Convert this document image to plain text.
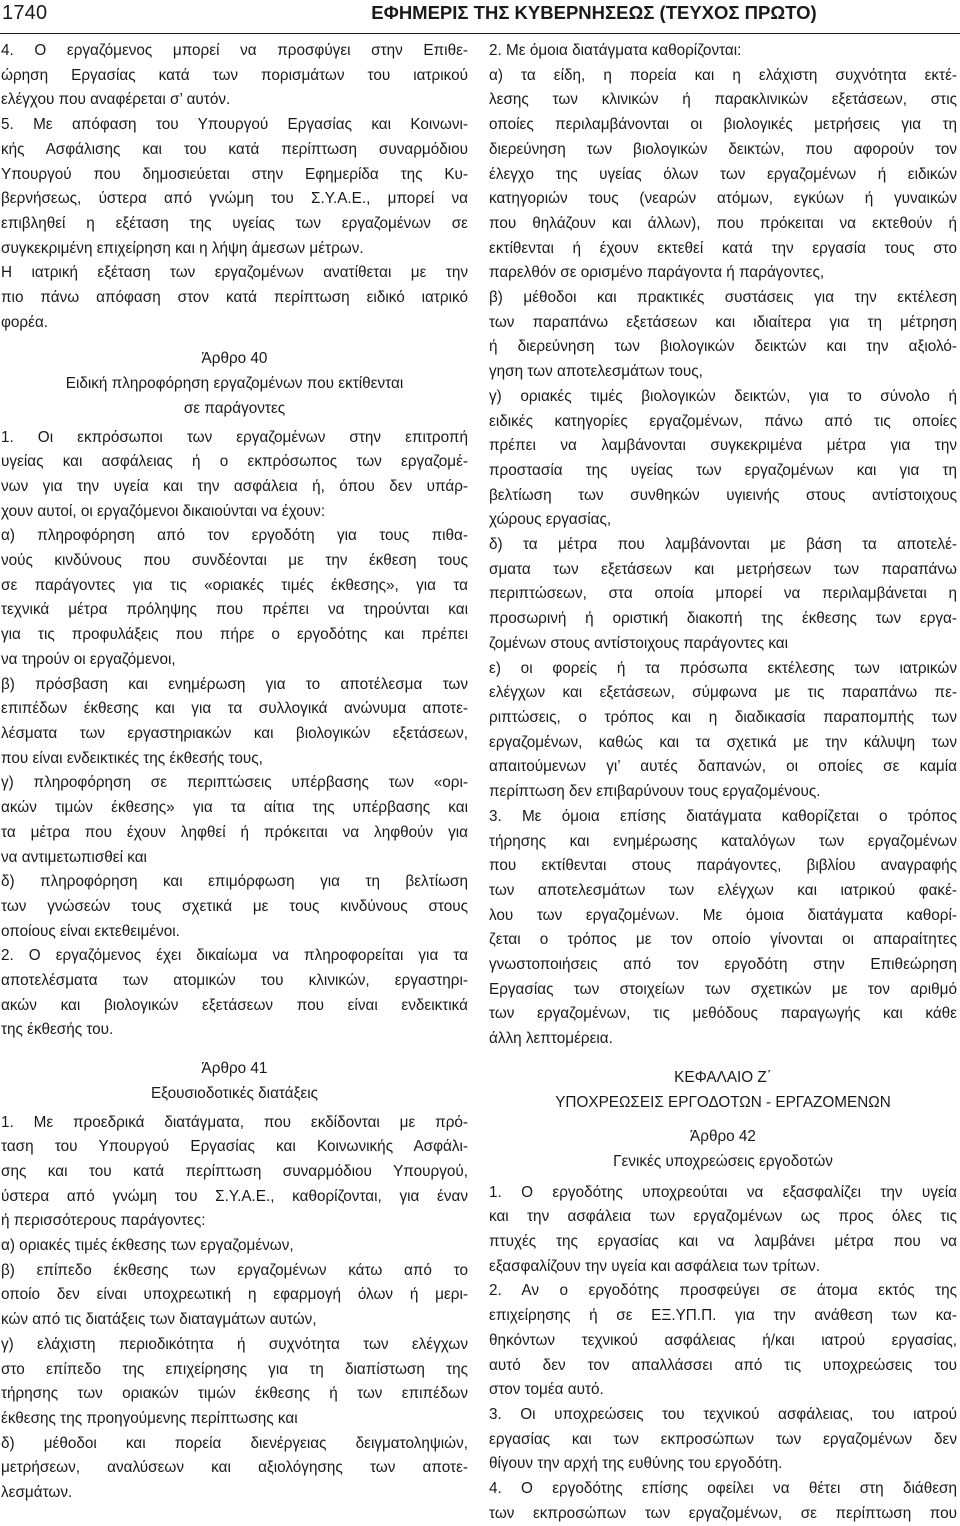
1740	ΕΦΗΜΕΡΙΣ ΤΗΣ ΚΥΒΕΡΝΗΣΕΩΣ (ΤΕΥΧΟΣ ΠΡΩΤΟ)

4. Ο εργαζόμενος μπορεί να προσφύγει στην Επιθε-
ώρηση Εργασίας κατά των πορισμάτων του ιατρικού
ελέγχου που αναφέρεται σ’ αυτόν.

5. Με απόφαση του Υπουργού Εργασίας και Κοινωνι-
κής Ασφάλισης και του κατά περίπτωση συναρμόδιου
Υπουργού που δημοσιεύεται στην Εφημερίδα της Κυ-
βερνήσεως, ύστερα από γνώμη του Σ.Υ.Α.Ε., μπορεί να
επιβληθεί η εξέταση της υγείας των εργαζομένων σε
συγκεκριμένη επιχείρηση και η λήψη άμεσων μέτρων.

Η ιατρική εξέταση των εργαζομένων ανατίθεται με την
πιο πάνω απόφαση στον κατά περίπτωση ειδικό ιατρικό
φορέα.

Άρθρο 40
Ειδική πληροφόρηση εργαζομένων που εκτίθενται
σε παράγοντες

1. Οι εκπρόσωποι των εργαζομένων στην επιτροπή
υγείας και ασφάλειας ή ο εκπρόσωπος των εργαζομέ-
νων για την υγεία και την ασφάλεια ή, όπου δεν υπάρ-
χουν αυτοί, οι εργαζόμενοι δικαιούνται να έχουν:

α) πληροφόρηση από τον εργοδότη για τους πιθα-
νούς κινδύνους που συνδέονται με την έκθεση τους
σε παράγοντες για τις «οριακές τιμές έκθεσης», για τα
τεχνικά μέτρα πρόληψης που πρέπει να τηρούνται και
για τις προφυλάξεις που πήρε ο εργοδότης και πρέπει
να τηρούν οι εργαζόμενοι,

β) πρόσβαση και ενημέρωση για το αποτέλεσμα των
επιπέδων έκθεσης και για τα συλλογικά ανώνυμα αποτε-
λέσματα των εργαστηριακών και βιολογικών εξετάσεων,
που είναι ενδεικτικές της έκθεσής τους,

γ) πληροφόρηση σε περιπτώσεις υπέρβασης των «ορι-
ακών τιμών έκθεσης» για τα αίτια της υπέρβασης και
τα μέτρα που έχουν ληφθεί ή πρόκειται να ληφθούν για
να αντιμετωπισθεί και

δ) πληροφόρηση και επιμόρφωση για τη βελτίωση
των γνώσεών τους σχετικά με τους κινδύνους στους
οποίους είναι εκτεθειμένοι.

2. Ο εργαζόμενος έχει δικαίωμα να πληροφορείται για τα
αποτελέσματα των ατομικών του κλινικών, εργαστηρι-
ακών και βιολογικών εξετάσεων που είναι ενδεικτικά
της έκθεσής του.

Άρθρο 41
Εξουσιοδοτικές διατάξεις

1. Με προεδρικά διατάγματα, που εκδίδονται με πρό-
ταση του Υπουργού Εργασίας και Κοινωνικής Ασφάλι-
σης και του κατά περίπτωση συναρμόδιου Υπουργού,
ύστερα από γνώμη του Σ.Υ.Α.Ε., καθορίζονται, για έναν
ή περισσότερους παράγοντες:

α) οριακές τιμές έκθεσης των εργαζομένων,

β) επίπεδο έκθεσης των εργαζομένων κάτω από το
οποίο δεν είναι υποχρεωτική η εφαρμογή όλων ή μερι-
κών από τις διατάξεις των διαταγμάτων αυτών,

γ) ελάχιστη περιοδικότητα ή συχνότητα των ελέγχων
στο επίπεδο της επιχείρησης για τη διαπίστωση της
τήρησης των οριακών τιμών έκθεσης ή των επιπέδων
έκθεσης της προηγούμενης περίπτωσης και

δ) μέθοδοι και πορεία διενέργειας δειγματοληψιών,
μετρήσεων, αναλύσεων και αξιολόγησης των αποτε-
λεσμάτων.

2. Με όμοια διατάγματα καθορίζονται:

α) τα είδη, η πορεία και η ελάχιστη συχνότητα εκτέ-
λεσης των κλινικών ή παρακλινικών εξετάσεων, στις
οποίες περιλαμβάνονται οι βιολογικές μετρήσεις για τη
διερεύνηση των βιολογικών δεικτών, που αφορούν τον
έλεγχο της υγείας όλων των εργαζομένων ή ειδικών
κατηγοριών τους (νεαρών ατόμων, εγκύων ή γυναικών
που θηλάζουν και άλλων), που πρόκειται να εκτεθούν ή
εκτίθενται ή έχουν εκτεθεί κατά την εργασία τους στο
παρελθόν σε ορισμένο παράγοντα ή παράγοντες,

β) μέθοδοι και πρακτικές συστάσεις για την εκτέλεση
των παραπάνω εξετάσεων και ιδιαίτερα για τη μέτρηση
ή διερεύνηση των βιολογικών δεικτών και την αξιολό-
γηση των αποτελεσμάτων τους,

γ) οριακές τιμές βιολογικών δεικτών, για το σύνολο ή
ειδικές κατηγορίες εργαζομένων, πάνω από τις οποίες
πρέπει να λαμβάνονται συγκεκριμένα μέτρα για την
προστασία της υγείας των εργαζομένων και για τη
βελτίωση των συνθηκών υγιεινής στους αντίστοιχους
χώρους εργασίας,

δ) τα μέτρα που λαμβάνονται με βάση τα αποτελέ-
σματα των εξετάσεων και μετρήσεων των παραπάνω
περιπτώσεων, στα οποία μπορεί να περιλαμβάνεται η
προσωρινή ή οριστική διακοπή της έκθεσης των εργα-
ζομένων στους αντίστοιχους παράγοντες και

ε) οι φορείς ή τα πρόσωπα εκτέλεσης των ιατρικών
ελέγχων και εξετάσεων, σύμφωνα με τις παραπάνω πε-
ριπτώσεις, ο τρόπος και η διαδικασία παραπομπής των
εργαζομένων, καθώς και τα σχετικά με την κάλυψη των
απαιτούμενων γι’ αυτές δαπανών, οι οποίες σε καμία
περίπτωση δεν επιβαρύνουν τους εργαζομένους.

3. Με όμοια επίσης διατάγματα καθορίζεται ο τρόπος
τήρησης και ενημέρωσης καταλόγων των εργαζομένων
που εκτίθενται στους παράγοντες, βιβλίου αναγραφής
των αποτελεσμάτων των ελέγχων και ιατρικού φακέ-
λου των εργαζομένων. Με όμοια διατάγματα καθορί-
ζεται ο τρόπος με τον οποίο γίνονται οι απαραίτητες
γνωστοποιήσεις από τον εργοδότη στην Επιθεώρηση
Εργασίας των στοιχείων των σχετικών με τον αριθμό
των εργαζομένων, τις μεθόδους παραγωγής και κάθε
άλλη λεπτομέρεια.

ΚΕΦΑΛΑΙΟ Ζ΄
ΥΠΟΧΡΕΩΣΕΙΣ ΕΡΓΟΔΟΤΩΝ - ΕΡΓΑΖΟΜΕΝΩΝ
Άρθρο 42
Γενικές υποχρεώσεις εργοδοτών

1. Ο εργοδότης υποχρεούται να εξασφαλίζει την υγεία
και την ασφάλεια των εργαζομένων ως προς όλες τις
πτυχές της εργασίας και να λαμβάνει μέτρα που να
εξασφαλίζουν την υγεία και ασφάλεια των τρίτων.

2. Αν ο εργοδότης προσφεύγει σε άτομα εκτός της
επιχείρησης ή σε ΕΞ.ΥΠ.Π. για την ανάθεση των κα-
θηκόντων τεχνικού ασφάλειας ή/και ιατρού εργασίας,
αυτό δεν τον απαλλάσσει από τις υποχρεώσεις του
στον τομέα αυτό.

3. Οι υποχρεώσεις του τεχνικού ασφάλειας, του ιατρού
εργασίας και των εκπροσώπων των εργαζομένων δεν
θίγουν την αρχή της ευθύνης του εργοδότη.

4. Ο εργοδότης επίσης οφείλει να θέτει στη διάθεση
των εκπροσώπων των εργαζομένων, σε περίπτωση που
